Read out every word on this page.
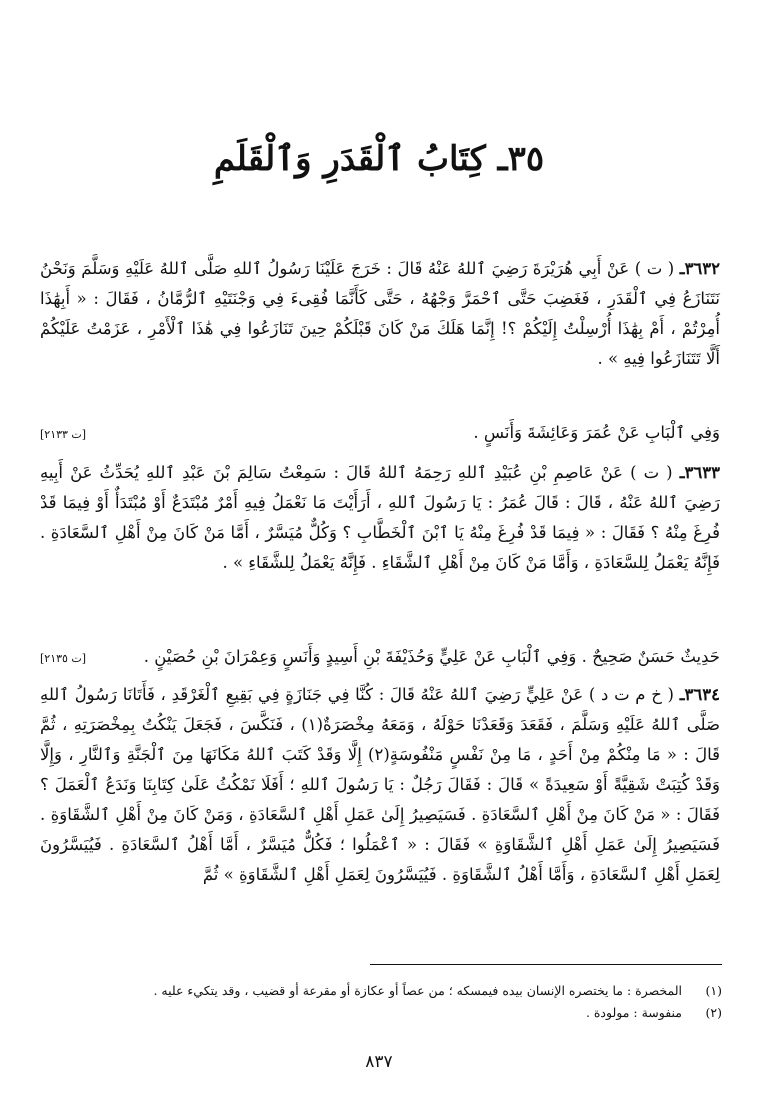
٣٥ـ كِتَابُ ٱلْقَدَرِ وَٱلْقَلَمِ

٣٦٣٢ـ ( ت ) عَنْ أَبِي هُرَيْرَةَ رَضِيَ ٱللهُ عَنْهُ قَالَ : خَرَجَ عَلَيْنَا رَسُولُ ٱللهِ صَلَّى ٱللهُ عَلَيْهِ وَسَلَّمَ وَنَحْنُ نَتَنَازَعُ فِي ٱلْقَدَرِ ، فَغَضِبَ حَتَّى ٱحْمَرَّ وَجْهُهُ ، حَتَّى كَأَنَّمَا فُقِىءَ فِي وَجْنَتَيْهِ ٱلرُّمَّانُ ، فَقَالَ : « أَبِهَٰذَا أُمِرْتُمْ ، أَمْ بِهَٰذَا أُرْسِلْتُ إِلَيْكُمْ ؟! إِنَّمَا هَلَكَ مَنْ كَانَ قَبْلَكُمْ حِينَ تَنَازَعُوا فِي هَٰذَا ٱلْأَمْرِ ، عَزَمْتُ عَلَيْكُمْ أَلَّا تَتَنَازَعُوا فِيهِ » .

وَفِي ٱلْبَابِ عَنْ عُمَرَ وَعَائِشَةَ وَأَنَسٍ .
[ت ٢١٣٣]

٣٦٣٣ـ ( ت ) عَنْ عَاصِمِ بْنِ عُبَيْدِ ٱللهِ رَحِمَهُ ٱللهُ قَالَ : سَمِعْتُ سَالِمَ بْنَ عَبْدِ ٱللهِ يُحَدِّثُ عَنْ أَبِيهِ رَضِيَ ٱللهُ عَنْهُ ، قَالَ : قَالَ عُمَرُ : يَا رَسُولَ ٱللهِ ، أَرَأَيْتَ مَا نَعْمَلُ فِيهِ أَمْرٌ مُبْتَدَعٌ أَوْ مُبْتَدَأٌ أَوْ فِيمَا قَدْ فُرِغَ مِنْهُ ؟ فَقَالَ : « فِيمَا قَدْ فُرِغَ مِنْهُ يَا ٱبْنَ ٱلْخَطَّابِ ؟ وَكُلٌّ مُيَسَّرٌ ، أَمَّا مَنْ كَانَ مِنْ أَهْلِ ٱلسَّعَادَةِ . فَإِنَّهُ يَعْمَلُ لِلسَّعَادَةِ ، وَأَمَّا مَنْ كَانَ مِنْ أَهْلِ ٱلشَّقَاءِ . فَإِنَّهُ يَعْمَلُ لِلشَّقَاءِ » .

حَدِيثٌ حَسَنٌ صَحِيحٌ . وَفِي ٱلْبَابِ عَنْ عَلِيٍّ وَحُذَيْفَةَ بْنِ أَسِيدٍ وَأَنَسٍ وَعِمْرَانَ بْنِ حُصَيْنٍ .
[ت ٢١٣٥]

٣٦٣٤ـ ( خ م ت د ) عَنْ عَلِيٍّ رَضِيَ ٱللهُ عَنْهُ قَالَ : كُنَّا فِي جَنَازَةٍ فِي بَقِيعِ ٱلْغَرْقَدِ ، فَأَتَانَا رَسُولُ ٱللهِ صَلَّى ٱللهُ عَلَيْهِ وَسَلَّمَ ، فَقَعَدَ وَقَعَدْنَا حَوْلَهُ ، وَمَعَهُ مِخْصَرَةٌ(١) ، فَنَكَّسَ ، فَجَعَلَ يَنْكُتُ بِمِخْصَرَتِهِ ، ثُمَّ قَالَ : « مَا مِنْكُمْ مِنْ أَحَدٍ ، مَا مِنْ نَفْسٍ مَنْفُوسَةٍ(٢) إِلَّا وَقَدْ كَتَبَ ٱللهُ مَكَانَهَا مِنَ ٱلْجَنَّةِ وَٱلنَّارِ ، وَإِلَّا وَقَدْ كُتِبَتْ شَقِيَّةً أَوْ سَعِيدَةً » قَالَ : فَقَالَ رَجُلٌ : يَا رَسُولَ ٱللهِ ؛ أَفَلَا نَمْكُثُ عَلَىٰ كِتَابِنَا وَنَدَعُ ٱلْعَمَلَ ؟ فَقَالَ : « مَنْ كَانَ مِنْ أَهْلِ ٱلسَّعَادَةِ . فَسَيَصِيرُ إِلَىٰ عَمَلِ أَهْلِ ٱلسَّعَادَةِ ، وَمَنْ كَانَ مِنْ أَهْلِ ٱلشَّقَاوَةِ . فَسَيَصِيرُ إِلَىٰ عَمَلِ أَهْلِ ٱلشَّقَاوَةِ » فَقَالَ : « ٱعْمَلُوا ؛ فَكُلٌّ مُيَسَّرٌ ، أَمَّا أَهْلُ ٱلسَّعَادَةِ . فَيُيَسَّرُونَ لِعَمَلِ أَهْلِ ٱلسَّعَادَةِ ، وَأَمَّا أَهْلُ ٱلشَّقَاوَةِ . فَيُيَسَّرُونَ لِعَمَلِ أَهْلِ ٱلشَّقَاوَةِ » ثُمَّ

(١) المخصرة : ما يختصره الإنسان بيده فيمسكه ؛ من عصاً أو عكازة أو مقرعة أو قضيب ، وقد يتكيء عليه .
(٢) منفوسة : مولودة .
٨٣٧
